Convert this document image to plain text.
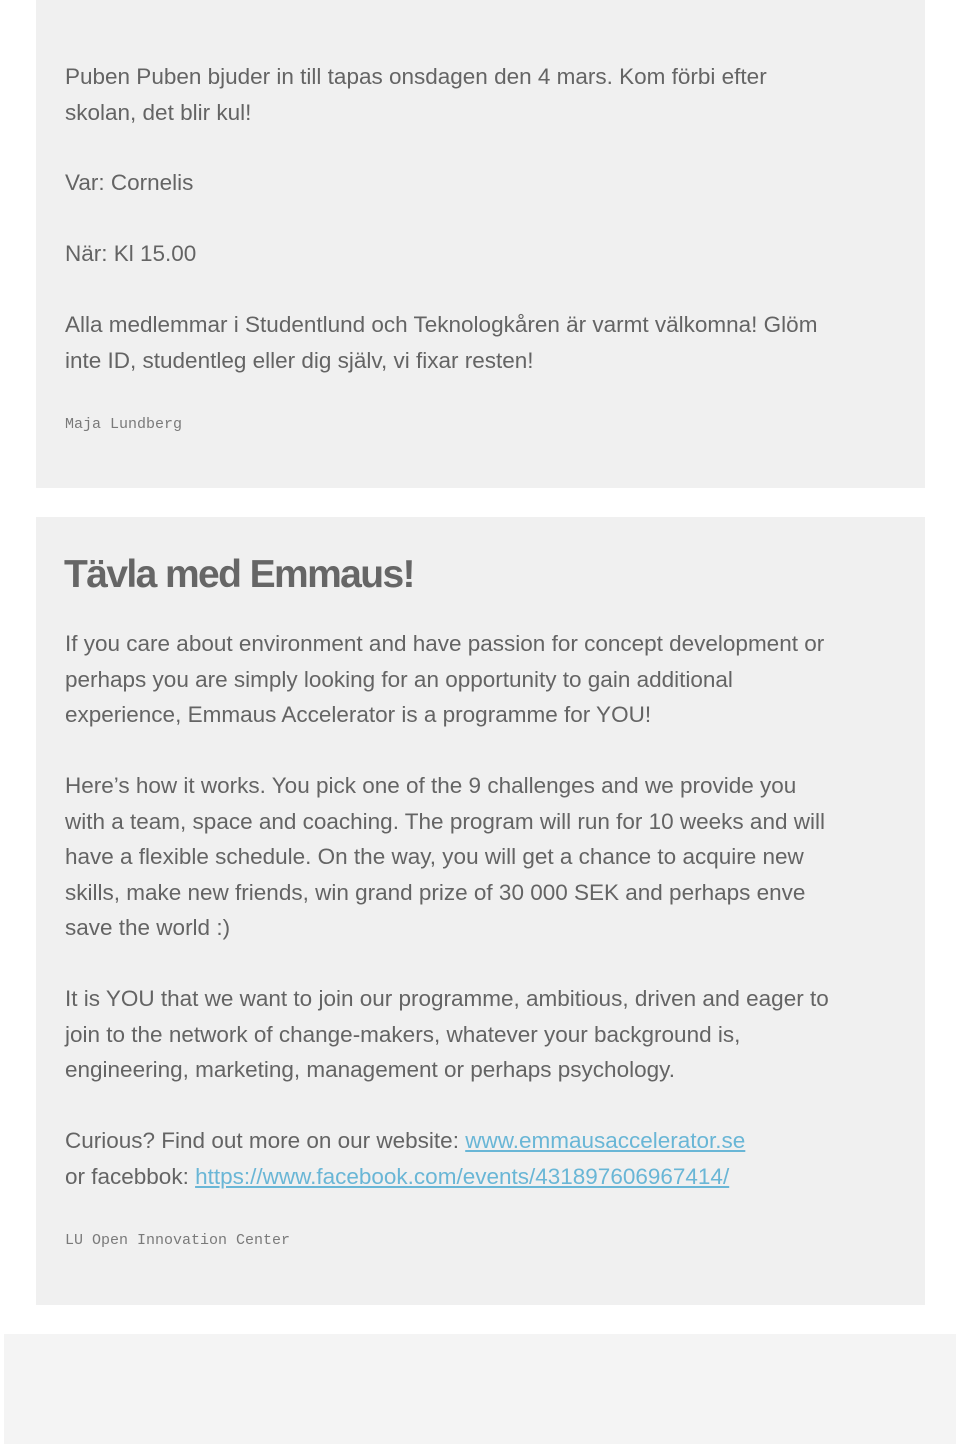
Puben Puben bjuder in till tapas onsdagen den 4 mars. Kom förbi efter
skolan, det blir kul!

Var: Cornelis

När: Kl 15.00

Alla medlemmar i Studentlund och Teknologkåren är varmt välkomna! Glöm
inte ID, studentleg eller dig själv, vi fixar resten!

Maja Lundberg

Tävla med Emmaus!

If you care about environment and have passion for concept development or
perhaps you are simply looking for an opportunity to gain additional
experience, Emmaus Accelerator is a programme for YOU!

Here’s how it works. You pick one of the 9 challenges and we provide you
with a team, space and coaching. The program will run for 10 weeks and will
have a flexible schedule. On the way, you will get a chance to acquire new
skills, make new friends, win grand prize of 30 000 SEK and perhaps enve
save the world :)

It is YOU that we want to join our programme, ambitious, driven and eager to
join to the network of change-makers, whatever your background is,
engineering, marketing, management or perhaps psychology.

Curious? Find out more on our website: www.emmausaccelerator.se
or facebbok: https://www.facebook.com/events/431897606967414/

LU Open Innovation Center
